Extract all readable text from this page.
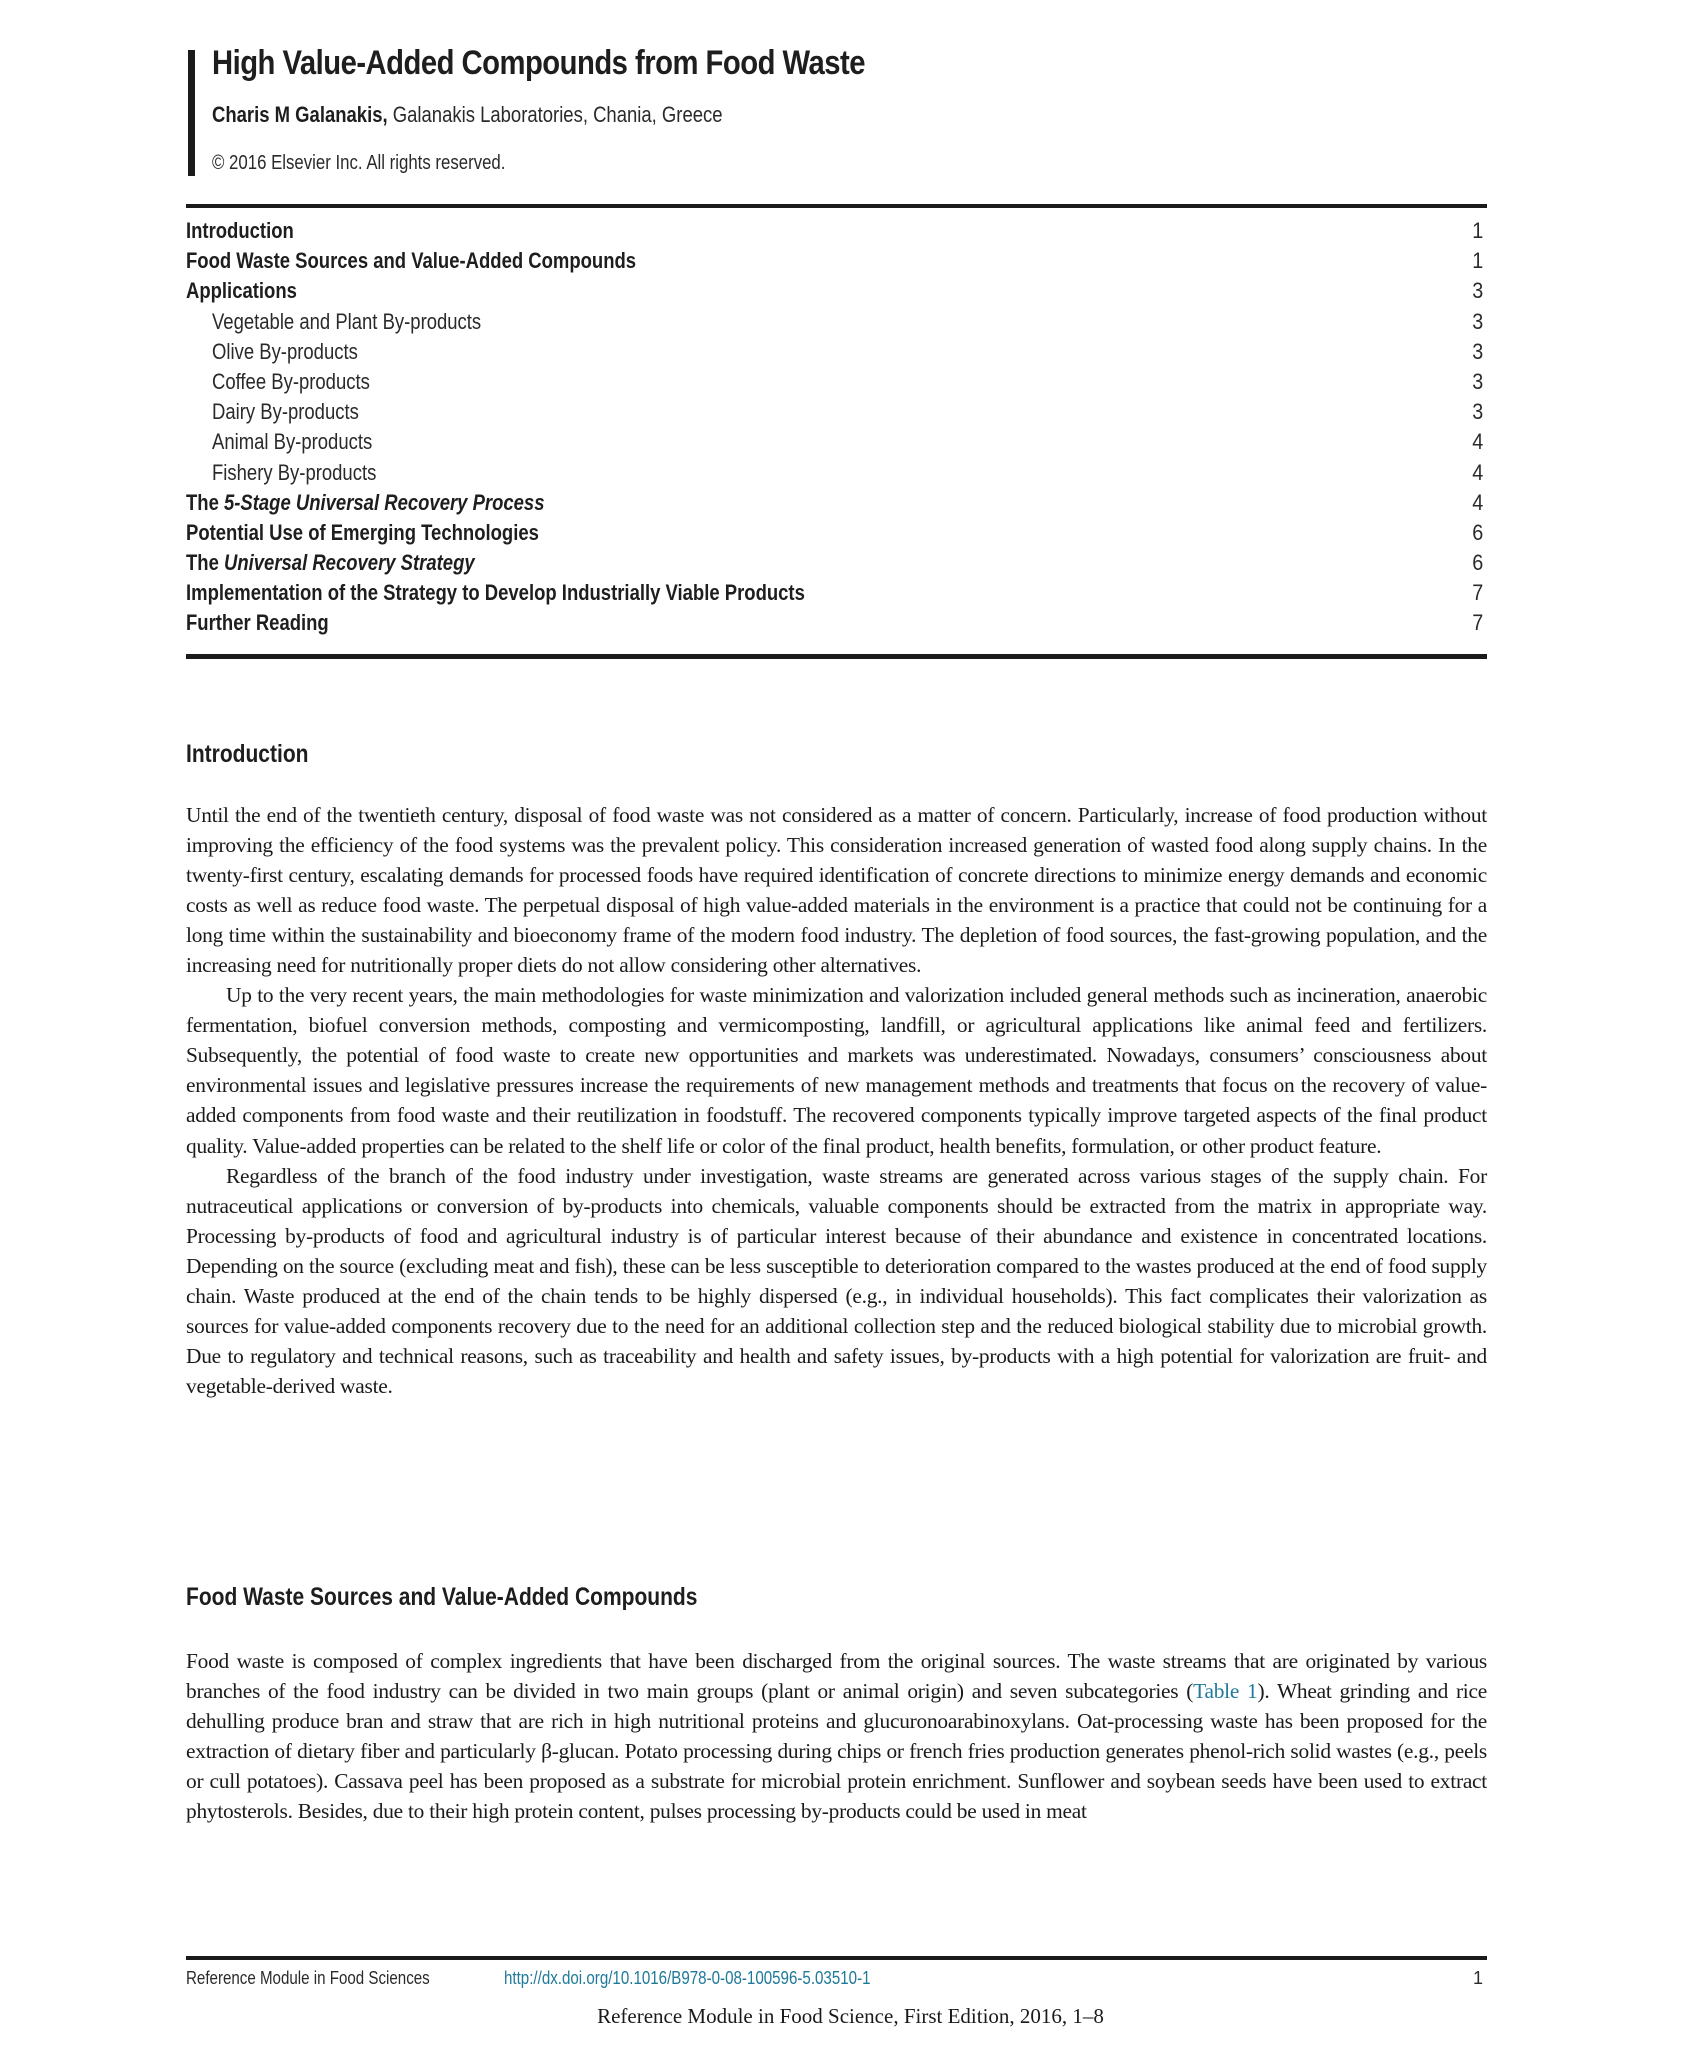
High Value-Added Compounds from Food Waste
Charis M Galanakis, Galanakis Laboratories, Chania, Greece
© 2016 Elsevier Inc. All rights reserved.
Introduction	1
Food Waste Sources and Value-Added Compounds	1
Applications	3
Vegetable and Plant By-products	3
Olive By-products	3
Coffee By-products	3
Dairy By-products	3
Animal By-products	4
Fishery By-products	4
The 5-Stage Universal Recovery Process	4
Potential Use of Emerging Technologies	6
The Universal Recovery Strategy	6
Implementation of the Strategy to Develop Industrially Viable Products	7
Further Reading	7
Introduction

Until the end of the twentieth century, disposal of food waste was not considered as a matter of concern. Particularly, increase of food production without improving the efficiency of the food systems was the prevalent policy. This consideration increased generation of wasted food along supply chains. In the twenty-first century, escalating demands for processed foods have required identification of concrete directions to minimize energy demands and economic costs as well as reduce food waste. The perpetual disposal of high value-added materials in the environment is a practice that could not be continuing for a long time within the sustainability and bioeconomy frame of the modern food industry. The depletion of food sources, the fast-growing population, and the increasing need for nutritionally proper diets do not allow considering other alternatives.

Up to the very recent years, the main methodologies for waste minimization and valorization included general methods such as incineration, anaerobic fermentation, biofuel conversion methods, composting and vermicomposting, landfill, or agricultural applications like animal feed and fertilizers. Subsequently, the potential of food waste to create new opportunities and markets was underestimated. Nowadays, consumers’ consciousness about environmental issues and legislative pressures increase the requirements of new management methods and treatments that focus on the recovery of value-added components from food waste and their reutilization in foodstuff. The recovered components typically improve targeted aspects of the final product quality. Value-added properties can be related to the shelf life or color of the final product, health benefits, formulation, or other product feature.

Regardless of the branch of the food industry under investigation, waste streams are generated across various stages of the supply chain. For nutraceutical applications or conversion of by-products into chemicals, valuable components should be extracted from the matrix in appropriate way. Processing by-products of food and agricultural industry is of particular interest because of their abundance and existence in concentrated locations. Depending on the source (excluding meat and fish), these can be less susceptible to deterioration compared to the wastes produced at the end of food supply chain. Waste produced at the end of the chain tends to be highly dispersed (e.g., in individual households). This fact complicates their valorization as sources for value-added components recovery due to the need for an additional collection step and the reduced biological stability due to microbial growth. Due to regulatory and technical reasons, such as traceability and health and safety issues, by-products with a high potential for valorization are fruit- and vegetable-derived waste.

Food Waste Sources and Value-Added Compounds

Food waste is composed of complex ingredients that have been discharged from the original sources. The waste streams that are originated by various branches of the food industry can be divided in two main groups (plant or animal origin) and seven subcategories (Table 1). Wheat grinding and rice dehulling produce bran and straw that are rich in high nutritional proteins and glucuronoarabinoxylans. Oat-processing waste has been proposed for the extraction of dietary fiber and particularly β-glucan. Potato processing during chips or french fries production generates phenol-rich solid wastes (e.g., peels or cull potatoes). Cassava peel has been proposed as a substrate for microbial protein enrichment. Sunflower and soybean seeds have been used to extract phytosterols. Besides, due to their high protein content, pulses processing by-products could be used in meat

Reference Module in Food Sciences	http://dx.doi.org/10.1016/B978-0-08-100596-5.03510-1	1
Reference Module in Food Science, First Edition, 2016, 1–8
